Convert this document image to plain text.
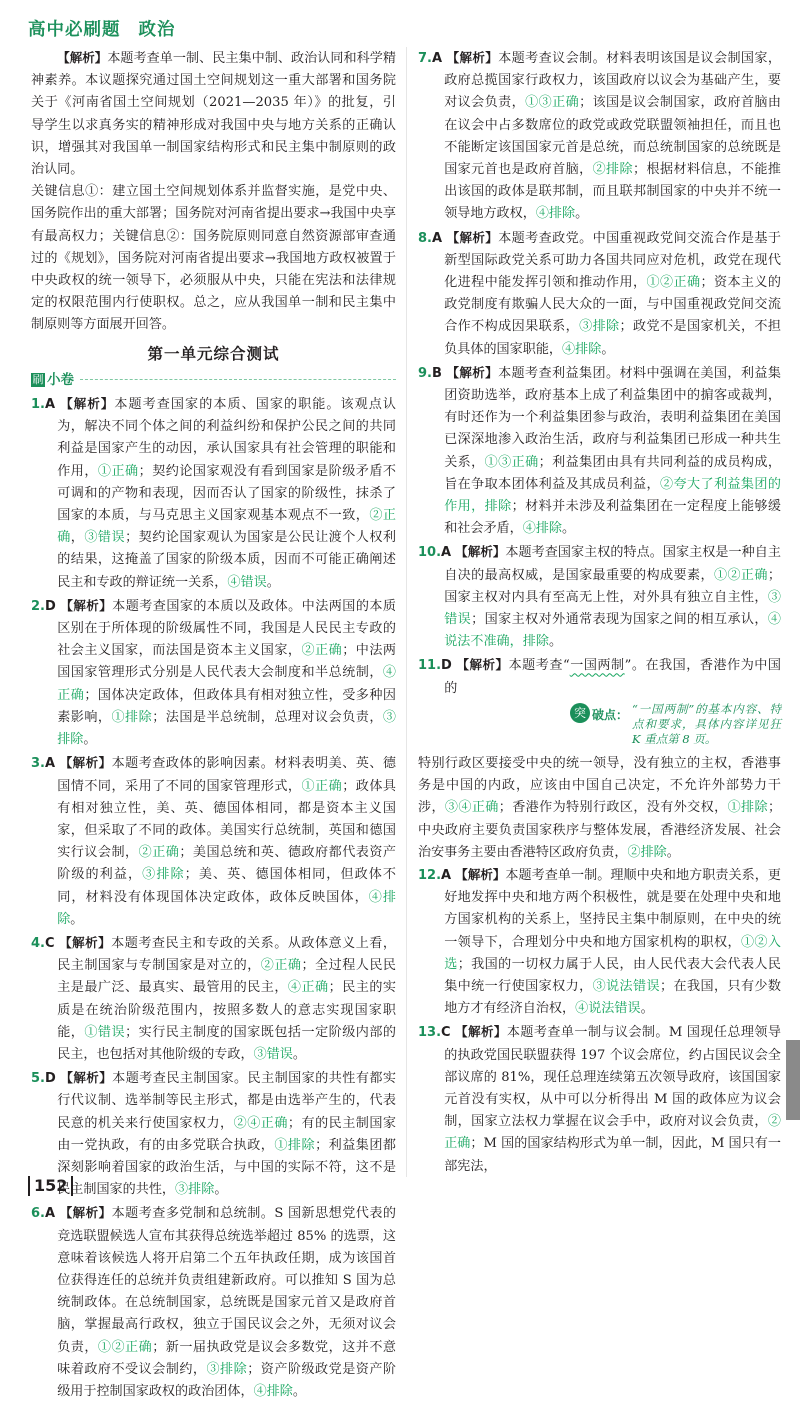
高中必刷题 政治
【解析】本题考查单一制、民主集中制、政治认同和科学精神素养。本议题探究通过国土空间规划这一重大部署和国务院关于《河南省国土空间规划（2021—2035 年）》的批复，引导学生以求真务实的精神形成对我国中央与地方关系的正确认识，增强其对我国单一制国家结构形式和民主集中制原则的政治认同。
关键信息①：建立国土空间规划体系并监督实施，是党中央、国务院作出的重大部署；国务院对河南省提出要求→我国中央享有最高权力；关键信息②：国务院原则同意自然资源部审查通过的《规划》，国务院对河南省提出要求→我国地方政权被置于中央政权的统一领导下，必须服从中央，只能在宪法和法律规定的权限范围内行使职权。总之，应从我国单一制和民主集中制原则等方面展开回答。
第一单元综合测试
刷 小卷
1.A 【解析】本题考查国家的本质、国家的职能。该观点认为，解决不同个体之间的利益纠纷和保护公民之间的共同利益是国家产生的动因，承认国家具有社会管理的职能和作用，①正确；契约论国家观没有看到国家是阶级矛盾不可调和的产物和表现，因而否认了国家的阶级性，抹杀了国家的本质，与马克思主义国家观基本观点不一致，②正确，③错误；契约论国家观认为国家是公民让渡个人权利的结果，这掩盖了国家的阶级本质，因而不可能正确阐述民主和专政的辩证统一关系，④错误。
2.D 【解析】本题考查国家的本质以及政体。中法两国的本质区别在于所体现的阶级属性不同，我国是人民民主专政的社会主义国家，而法国是资本主义国家，②正确；中法两国国家管理形式分别是人民代表大会制度和半总统制，④正确；国体决定政体，但政体具有相对独立性，受多种因素影响，①排除；法国是半总统制，总理对议会负责，③排除。
3.A 【解析】本题考查政体的影响因素。材料表明美、英、德国情不同，采用了不同的国家管理形式，①正确；政体具有相对独立性，美、英、德国体相同，都是资本主义国家，但采取了不同的政体。美国实行总统制，英国和德国实行议会制，②正确；美国总统和英、德政府都代表资产阶级的利益，③排除；美、英、德国体相同，但政体不同，材料没有体现国体决定政体，政体反映国体，④排除。
4.C 【解析】本题考查民主和专政的关系。从政体意义上看，民主制国家与专制国家是对立的，②正确；全过程人民民主是最广泛、最真实、最管用的民主，④正确；民主的实质是在统治阶级范围内，按照多数人的意志实现国家职能，①错误；实行民主制度的国家既包括一定阶级内部的民主，也包括对其他阶级的专政，③错误。
5.D 【解析】本题考查民主制国家。民主制国家的共性有都实行代议制、选举制等民主形式，都是由选举产生的，代表民意的机关来行使国家权力，②④正确；有的民主制国家由一党执政，有的由多党联合执政，①排除；利益集团都深刻影响着国家的政治生活，与中国的实际不符，这不是民主制国家的共性，③排除。
6.A 【解析】本题考查多党制和总统制。S 国新思想党代表的竞选联盟候选人宣布其获得总统选举超过 85% 的选票，这意味着该候选人将开启第二个五年执政任期，成为该国首位获得连任的总统并负责组建新政府。可以推知 S 国为总统制政体。在总统制国家，总统既是国家元首又是政府首脑，掌握最高行政权，独立于国民议会之外，无须对议会负责，①②正确；新一届执政党是议会多数党，这并不意味着政府不受议会制约，③排除；资产阶级政党是资产阶级用于控制国家政权的政治团体，④排除。
7.A 【解析】本题考查议会制。材料表明该国是议会制国家，政府总揽国家行政权力，该国政府以议会为基础产生，要对议会负责，①③正确；该国是议会制国家，政府首脑由在议会中占多数席位的政党或政党联盟领袖担任，而且也不能断定该国国家元首是总统，而总统制国家的总统既是国家元首也是政府首脑，②排除；根据材料信息，不能推出该国的政体是联邦制，而且联邦制国家的中央并不统一领导地方政权，④排除。
8.A 【解析】本题考查政党。中国重视政党间交流合作是基于新型国际政党关系可助力各国共同应对危机，政党在现代化进程中能发挥引领和推动作用，①②正确；资本主义的政党制度有欺骗人民大众的一面，与中国重视政党间交流合作不构成因果联系，③排除；政党不是国家机关，不担负具体的国家职能，④排除。
9.B 【解析】本题考查利益集团。材料中强调在美国，利益集团资助选举，政府基本上成了利益集团中的掮客或裁判，有时还作为一个利益集团参与政治，表明利益集团在美国已深深地渗入政治生活，政府与利益集团已形成一种共生关系，①③正确；利益集团由具有共同利益的成员构成，旨在争取本团体利益及其成员利益，②夸大了利益集团的作用，排除；材料并未涉及利益集团在一定程度上能够缓和社会矛盾，④排除。
10.A 【解析】本题考查国家主权的特点。国家主权是一种自主自决的最高权威，是国家最重要的构成要素，①②正确；国家主权对内具有至高无上性，对外具有独立自主性，③错误；国家主权对外通常表现为国家之间的相互承认，④说法不准确，排除。
11.D 【解析】本题考查“一国两制”。在我国，香港作为中国的
突 破点： “一国两制”的基本内容、特点和要求，具体内容详见狂 K 重点第 8 页。
特别行政区要接受中央的统一领导，没有独立的主权，香港事务是中国的内政，应该由中国自己决定，不允许外部势力干涉，③④正确；香港作为特别行政区，没有外交权，①排除；中央政府主要负责国家秩序与整体发展，香港经济发展、社会治安事务主要由香港特区政府负责，②排除。
12.A 【解析】本题考查单一制。理顺中央和地方职责关系，更好地发挥中央和地方两个积极性，就是要在处理中央和地方国家机构的关系上，坚持民主集中制原则，在中央的统一领导下，合理划分中央和地方国家机构的职权，①②入选；我国的一切权力属于人民，由人民代表大会代表人民集中统一行使国家权力，③说法错误；在我国，只有少数地方才有经济自治权，④说法错误。
13.C 【解析】本题考查单一制与议会制。M 国现任总理领导的执政党国民联盟获得 197 个议会席位，约占国民议会全部议席的 81%，现任总理连续第五次领导政府，该国国家元首没有实权，从中可以分析得出 M 国的政体应为议会制，国家立法权力掌握在议会手中，政府对议会负责，②正确；M 国的国家结构形式为单一制，因此，M 国只有一部宪法，
152
